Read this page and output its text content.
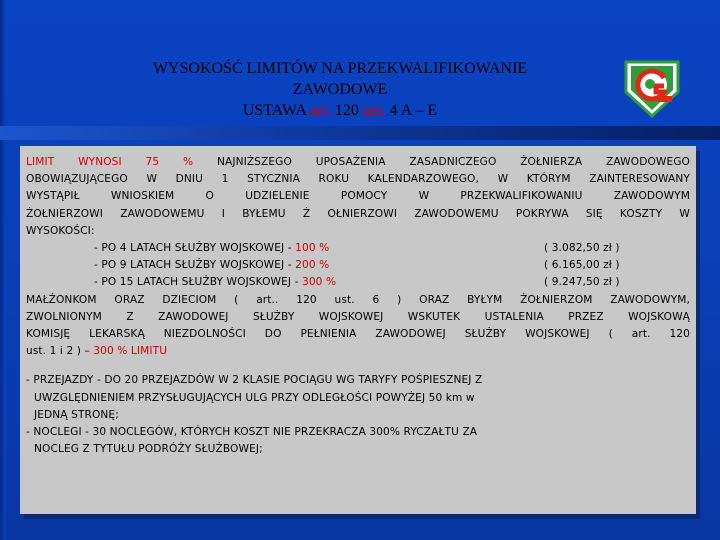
WYSOKOŚĆ LIMITÓW NA PRZEKWALIFIKOWANIE
ZAWODOWE
USTAWA art. 120 ust. 4 A – E
LIMIT WYNOSI 75 % NAJNIŻSZEGO UPOSAŻENIA ZASADNICZEGO ŻOŁNIERZA ZAWODOWEGO
OBOWIĄZUJĄCEGO W DNIU 1 STYCZNIA ROKU KALENDARZOWEGO, W KTÓRYM ZAINTERESOWANY
WYSTĄPIŁ WNIOSKIEM O UDZIELENIE POMOCY W PRZEKWALIFIKOWANIU ZAWODOWYM
ŻOŁNIERZOWI ZAWODOWEMU I BYŁEMU Ż OŁNIERZOWI ZAWODOWEMU POKRYWA SIĘ KOSZTY W
WYSOKOŚCI:
- PO 4 LATACH SŁUŻBY WOJSKOWEJ - 100 %	( 3.082,50 zł )
- PO 9 LATACH SŁUŻBY WOJSKOWEJ - 200 %	( 6.165,00 zł )
- PO 15 LATACH SŁUŻBY WOJSKOWEJ - 300 %	( 9.247,50 zł )
MAŁŻONKOM ORAZ DZIECIOM ( art.. 120 ust. 6 ) ORAZ BYŁYM ŻOŁNIERZOM ZAWODOWYM,
ZWOLNIONYM Z ZAWODOWEJ SŁUŻBY WOJSKOWEJ WSKUTEK USTALENIA PRZEZ WOJSKOWĄ
KOMISJĘ LEKARSKĄ NIEZDOLNOŚCI DO PEŁNIENIA ZAWODOWEJ SŁUŻBY WOJSKOWEJ ( art. 120
ust. 1 i 2 ) – 300 % LIMITU
- PRZEJAZDY - DO 20 PRZEJAZDÓW W 2 KLASIE POCIĄGU WG TARYFY POŚPIESZNEJ Z
UWZGLĘDNIENIEM PRZYSŁUGUJĄCYCH ULG PRZY ODLEGŁOŚCI POWYŻEJ 50 km w
JEDNĄ STRONĘ;
- NOCLEGI - 30 NOCLEGÓW, KTÓRYCH KOSZT NIE PRZEKRACZA 300% RYCZAŁTU ZA
NOCLEG Z TYTUŁU PODRÓŻY SŁUŻBOWEJ;
